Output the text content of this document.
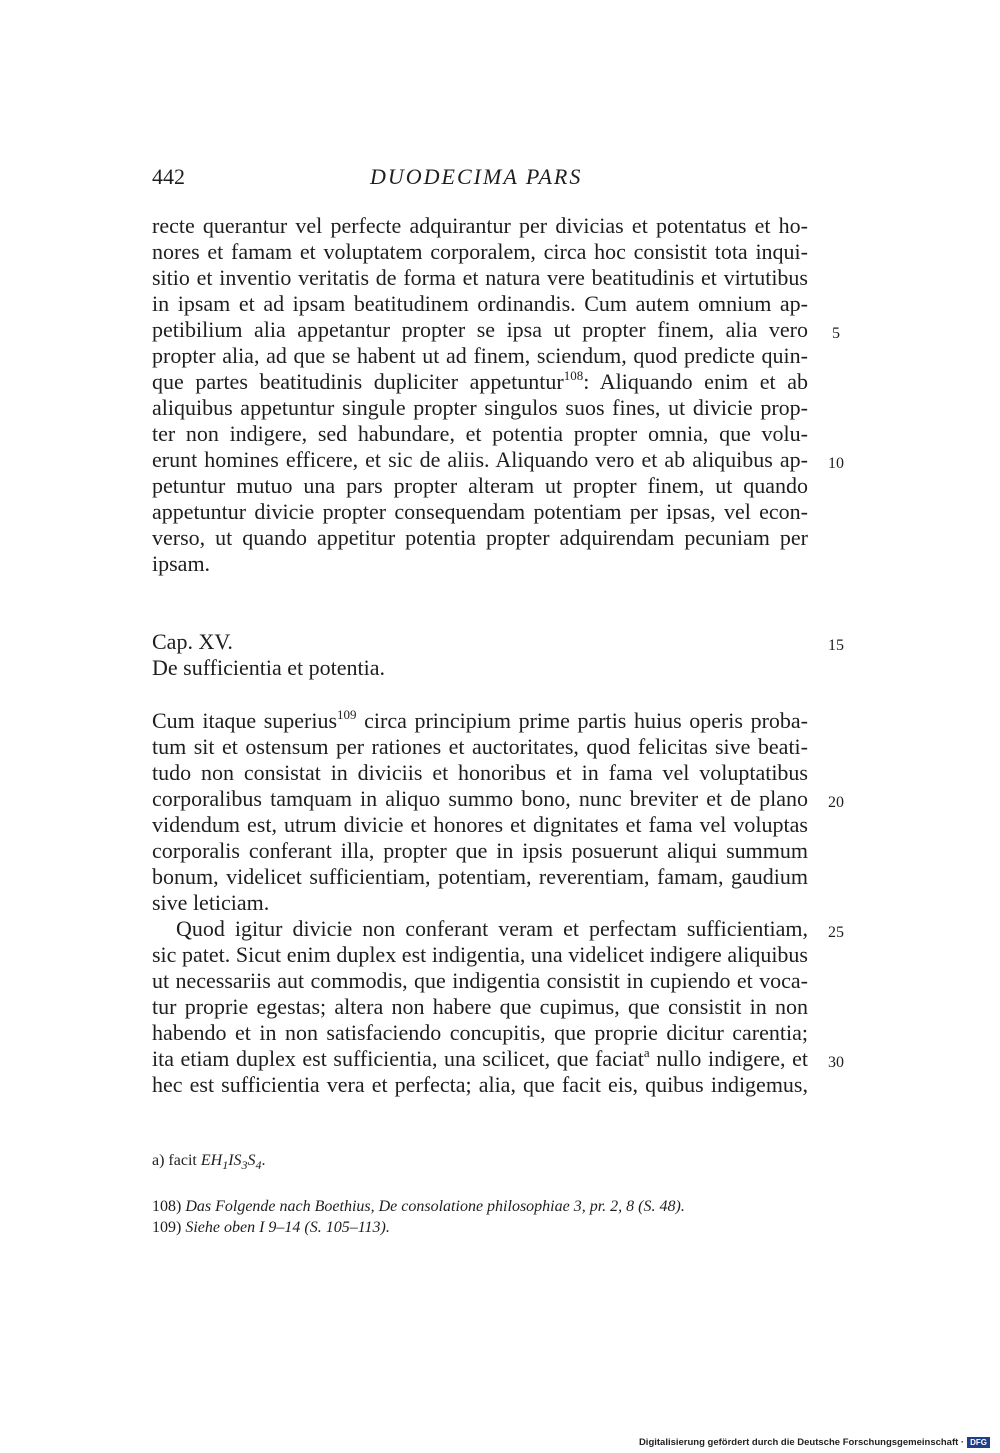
442	DUODECIMA PARS
recte querantur vel perfecte adquirantur per divicias et potentatus et ho-
nores et famam et voluptatem corporalem, circa hoc consistit tota inqui-
sitio et inventio veritatis de forma et natura vere beatitudinis et virtutibus
in ipsam et ad ipsam beatitudinem ordinandis. Cum autem omnium ap-
petibilium alia appetantur propter se ipsa ut propter finem, alia vero
propter alia, ad que se habent ut ad finem, sciendum, quod predicte quin-
que partes beatitudinis dupliciter appetuntur$^{108}$: Aliquando enim et ab
aliquibus appetuntur singule propter singulos suos fines, ut divicie prop-
ter non indigere, sed habundare, et potentia propter omnia, que volu-
erunt homines efficere, et sic de aliis. Aliquando vero et ab aliquibus ap-
petuntur mutuo una pars propter alteram ut propter finem, ut quando
appetuntur divicie propter consequendam potentiam per ipsas, vel econ-
verso, ut quando appetitur potentia propter adquirendam pecuniam per
ipsam.
Cap. XV.
De sufficientia et potentia.
Cum itaque superius$^{109}$ circa principium prime partis huius operis proba-
tum sit et ostensum per rationes et auctoritates, quod felicitas sive beati-
tudo non consistat in diviciis et honoribus et in fama vel voluptatibus
corporalibus tamquam in aliquo summo bono, nunc breviter et de plano
videndum est, utrum divicie et honores et dignitates et fama vel voluptas
corporalis conferant illa, propter que in ipsis posuerunt aliqui summum
bonum, videlicet sufficientiam, potentiam, reverentiam, famam, gaudium
sive leticiam.
Quod igitur divicie non conferant veram et perfectam sufficientiam,
sic patet. Sicut enim duplex est indigentia, una videlicet indigere aliquibus
ut necessariis aut commodis, que indigentia consistit in cupiendo et voca-
tur proprie egestas; altera non habere que cupimus, que consistit in non
habendo et in non satisfaciendo concupitis, que proprie dicitur carentia;
ita etiam duplex est sufficientia, una scilicet, que faciat$^a$ nullo indigere, et
hec est sufficientia vera et perfecta; alia, que facit eis, quibus indigemus,
5
10
15
20
25
30
a) facit $EH_1IS_3S_4$.
108) Das Folgende nach Boethius, De consolatione philosophiae 3, pr. 2, 8 (S. 48).
109) Siehe oben I 9–14 (S. 105–113).
Digitalisierung gefördert durch die Deutsche Forschungsgemeinschaft · DFG
